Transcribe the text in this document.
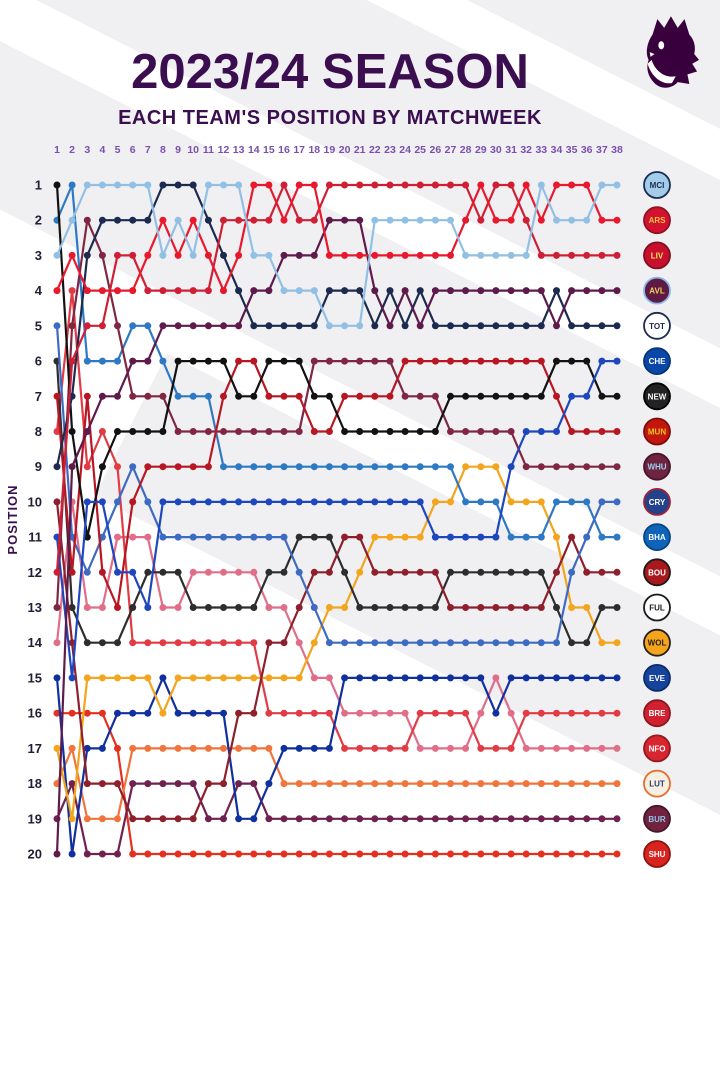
2023/24 SEASON
EACH TEAM'S POSITION BY MATCHWEEK
1 2 3 4 5 6 7 8 9 10 11 12 13 14 15 16 17 18 19 20 21 22 23 24 25 26 27 28 29 30 31 32 33 34 35 36 37 38
1
2
3
4
5
6
7
8
9
10
11
12
13
14
15
16
17
18
19
20
POSITION
MCI
ARS
LIV
AVL
TOT
CHE
NEW
MUN
WHU
CRY
BHA
BOU
FUL
WOL
EVE
BRE
NFO
LUT
BUR
SHU
